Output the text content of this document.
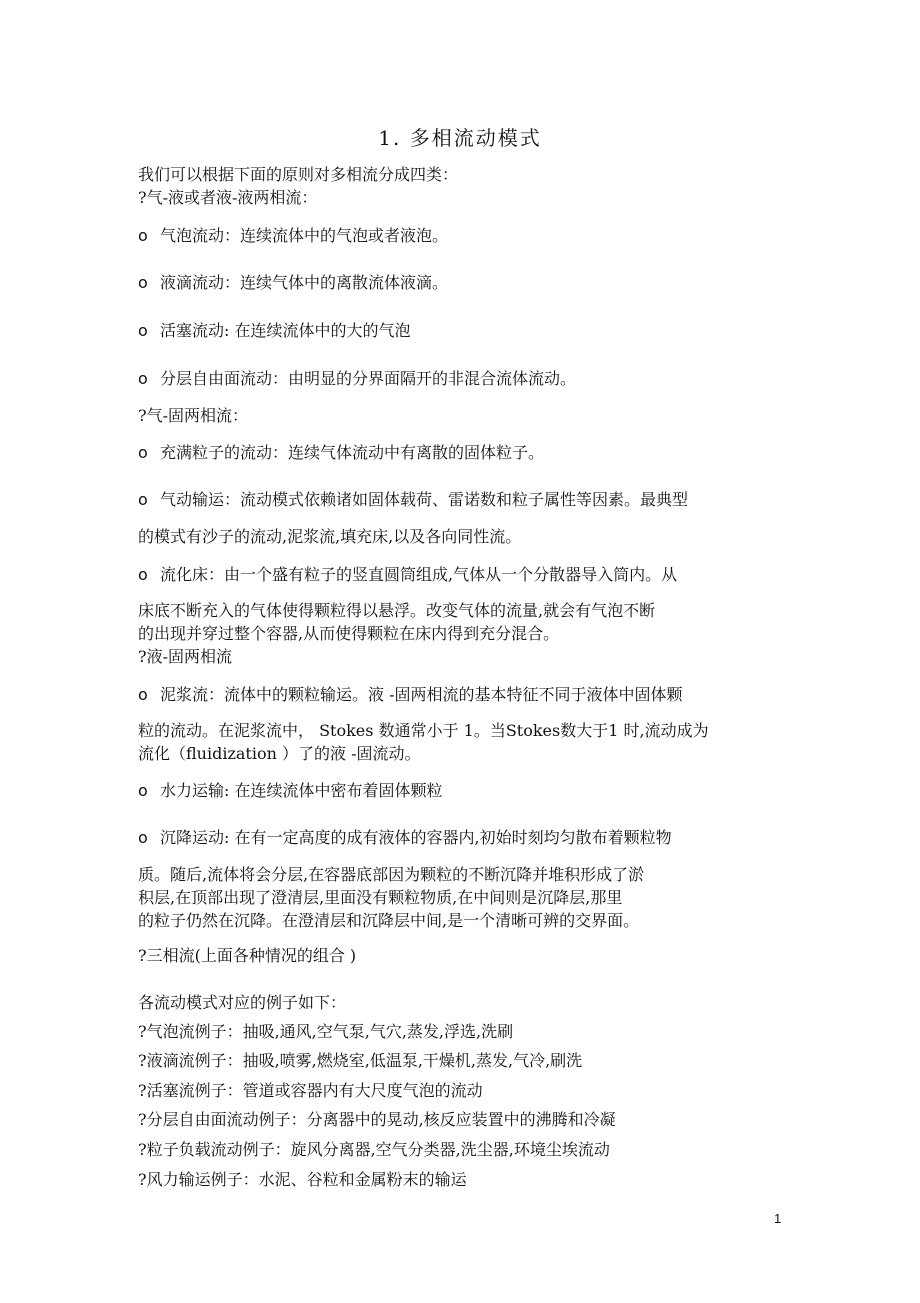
1. 多相流动模式
我们可以根据下面的原则对多相流分成四类：
?气-液或者液-液两相流：
o 气泡流动：连续流体中的气泡或者液泡。
o 液滴流动：连续气体中的离散流体液滴。
o 活塞流动: 在连续流体中的大的气泡
o 分层自由面流动：由明显的分界面隔开的非混合流体流动。
?气-固两相流：
o 充满粒子的流动：连续气体流动中有离散的固体粒子。
o 气动输运：流动模式依赖诸如固体载荷、雷诺数和粒子属性等因素。最典型
的模式有沙子的流动,泥浆流,填充床,以及各向同性流。
o 流化床：由一个盛有粒子的竖直圆筒组成,气体从一个分散器导入筒内。从
床底不断充入的气体使得颗粒得以悬浮。改变气体的流量,就会有气泡不断
的出现并穿过整个容器,从而使得颗粒在床内得到充分混合。
?液-固两相流
o 泥浆流：流体中的颗粒输运。液 -固两相流的基本特征不同于液体中固体颗
粒的流动。在泥浆流中， Stokes 数通常小于 1。当Stokes数大于1 时,流动成为
流化（fluidization ）了的液 -固流动。
o 水力运输: 在连续流体中密布着固体颗粒
o 沉降运动: 在有一定高度的成有液体的容器内,初始时刻均匀散布着颗粒物
质。随后,流体将会分层,在容器底部因为颗粒的不断沉降并堆积形成了淤
积层,在顶部出现了澄清层,里面没有颗粒物质,在中间则是沉降层,那里
的粒子仍然在沉降。在澄清层和沉降层中间,是一个清晰可辨的交界面。
?三相流(上面各种情况的组合 )
各流动模式对应的例子如下：
?气泡流例子：抽吸,通风,空气泵,气穴,蒸发,浮选,洗刷
?液滴流例子：抽吸,喷雾,燃烧室,低温泵,干燥机,蒸发,气冷,刷洗
?活塞流例子：管道或容器内有大尺度气泡的流动
?分层自由面流动例子：分离器中的晃动,核反应装置中的沸腾和冷凝
?粒子负载流动例子：旋风分离器,空气分类器,洗尘器,环境尘埃流动
?风力输运例子：水泥、谷粒和金属粉末的输运
1
